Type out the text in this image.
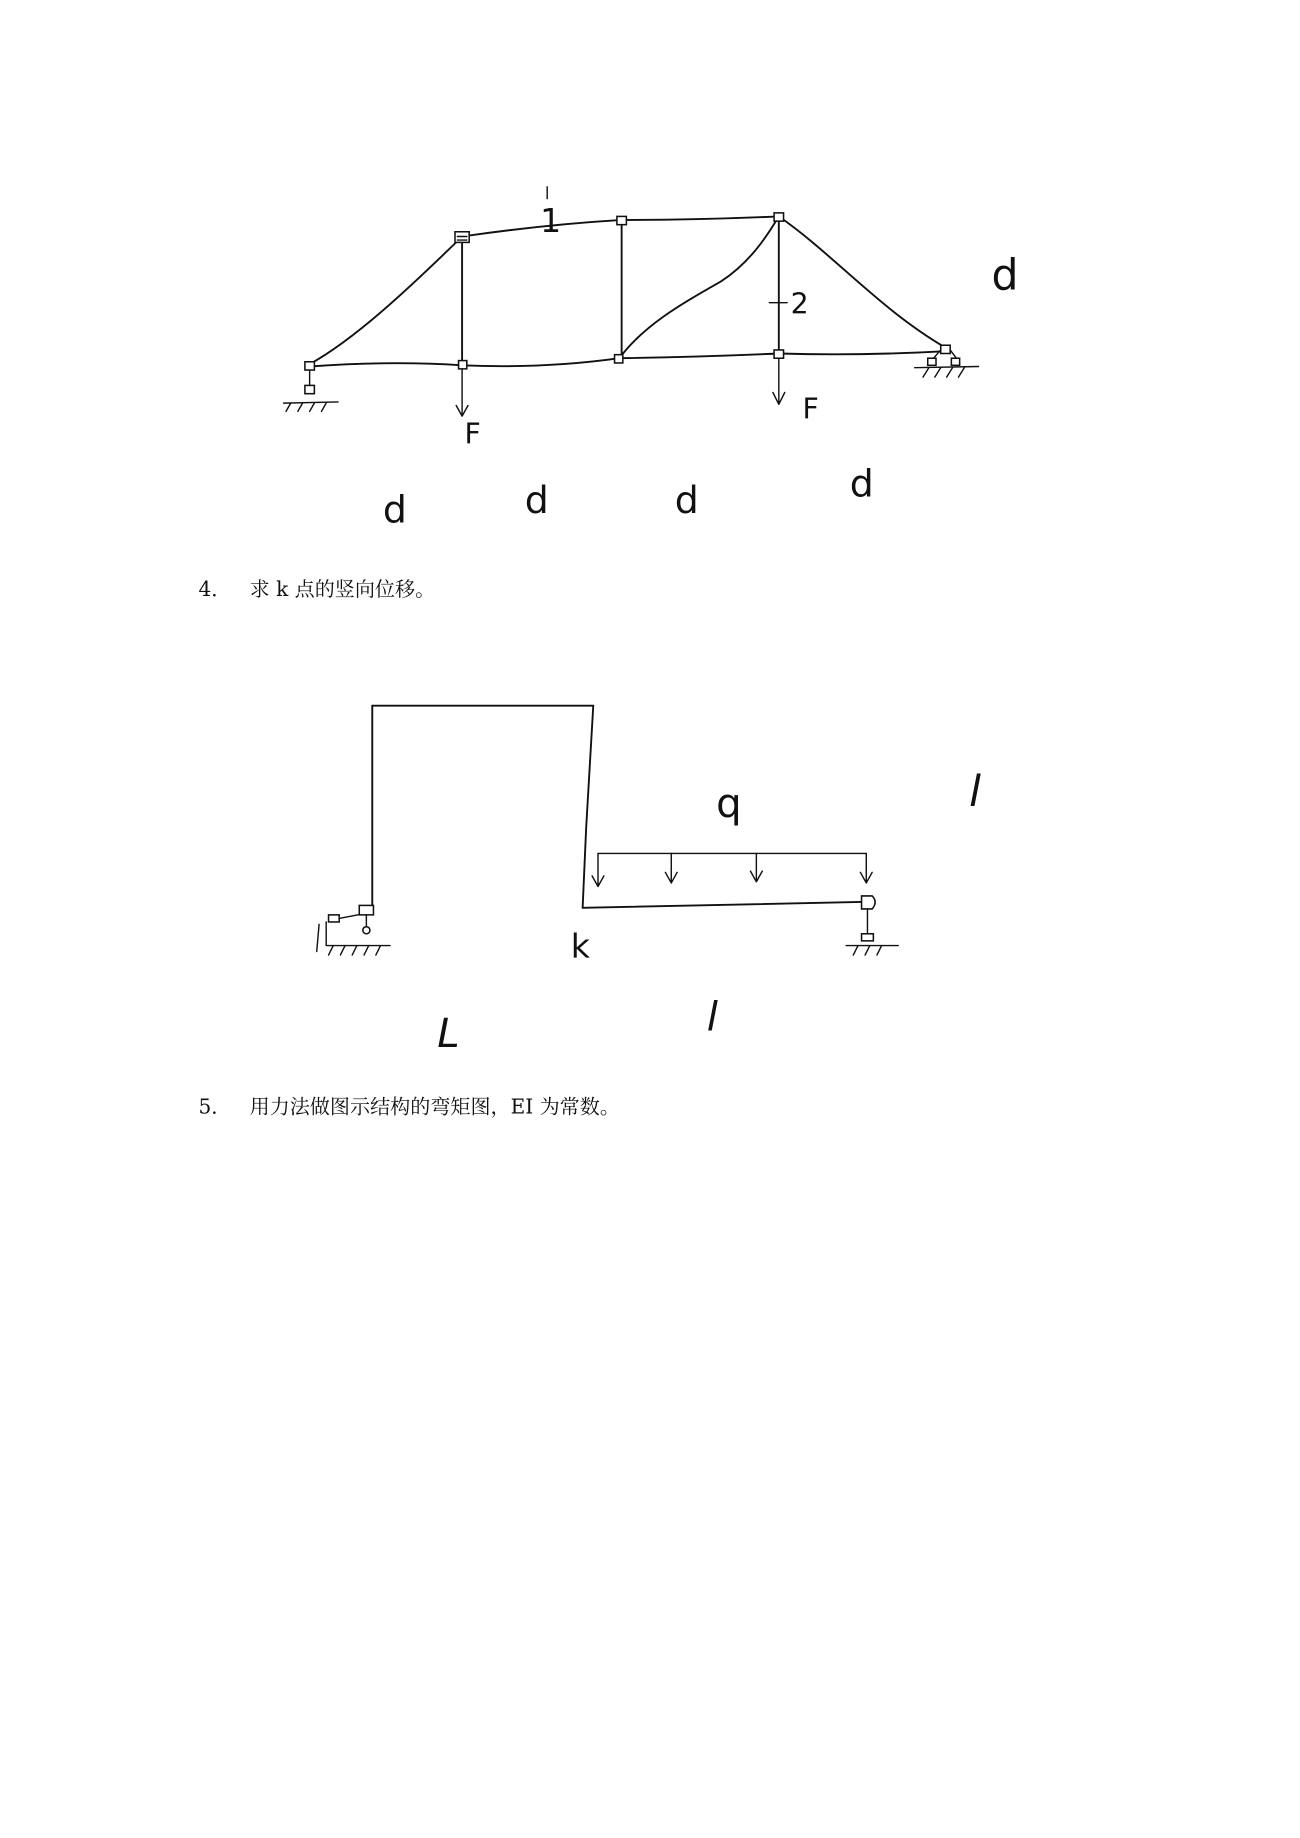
1
2
F
F
d	d	d	d
d
4． 求 k 点的竖向位移。
q	l
k
L	l
5． 用力法做图示结构的弯矩图，EI 为常数。
